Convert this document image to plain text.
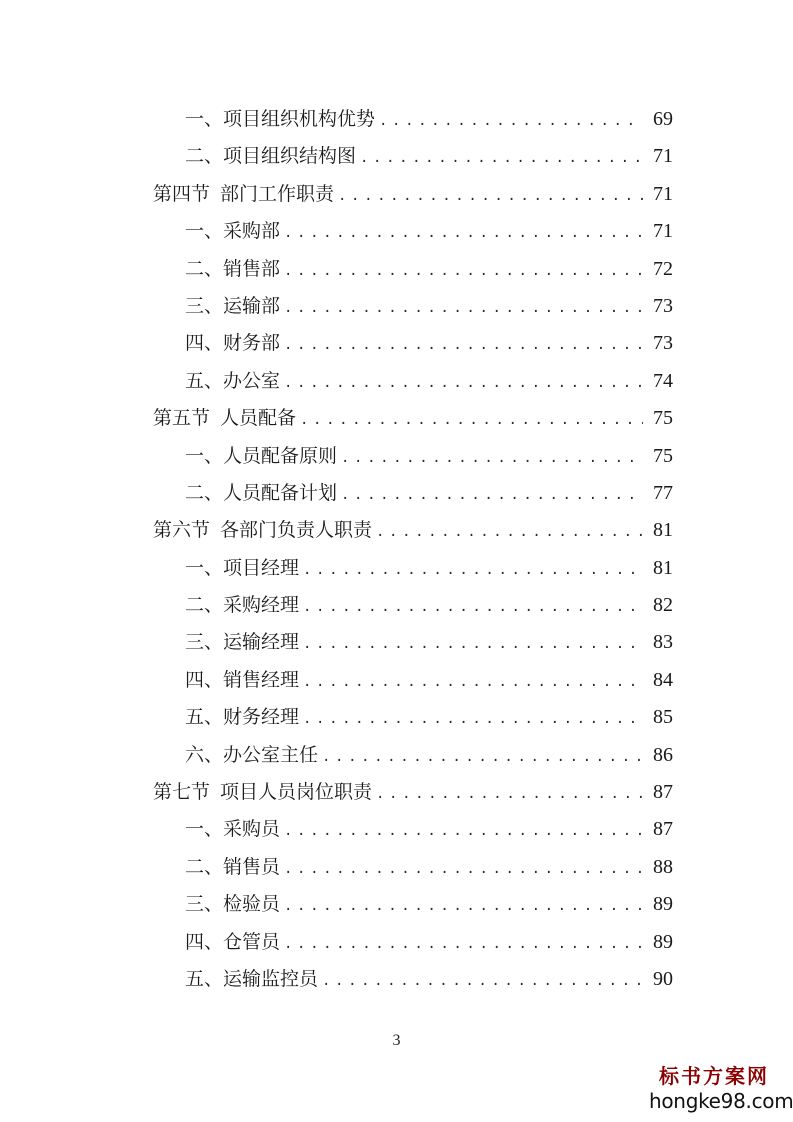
一、项目组织机构优势 .....	69
二、项目组织结构图 .....	71
第四节 部门工作职责 .....	71
一、采购部 .....	71
二、销售部 .....	72
三、运输部 .....	73
四、财务部 .....	73
五、办公室 .....	74
第五节 人员配备 .....	75
一、人员配备原则 .....	75
二、人员配备计划 .....	77
第六节 各部门负责人职责 .....	81
一、项目经理 .....	81
二、采购经理 .....	82
三、运输经理 .....	83
四、销售经理 .....	84
五、财务经理 .....	85
六、办公室主任 .....	86
第七节 项目人员岗位职责 .....	87
一、采购员 .....	87
二、销售员 .....	88
三、检验员 .....	89
四、仓管员 .....	89
五、运输监控员 .....	90
3
标书方案网
hongke98.com
